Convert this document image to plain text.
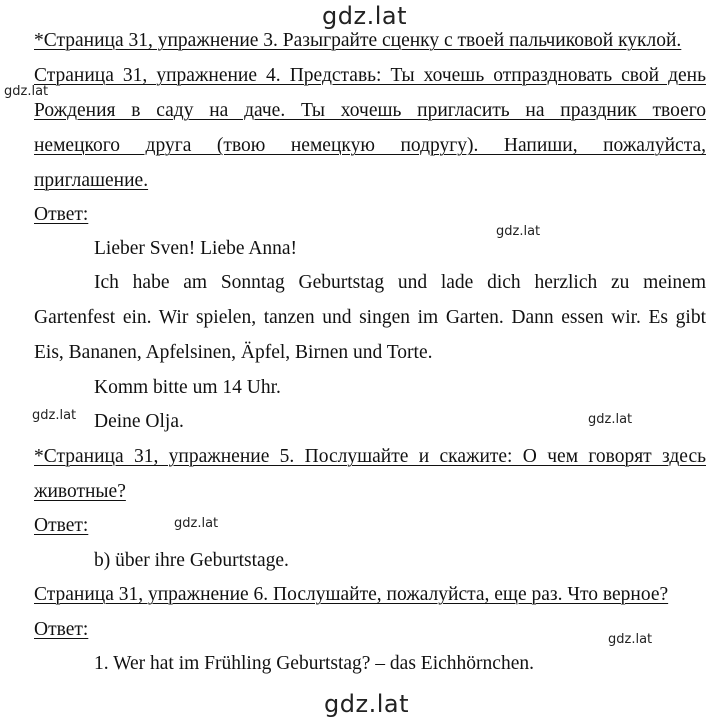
gdz.lat
gdz.lat
gdz.lat
gdz.lat	gdz.lat
gdz.lat
gdz.lat
gdz.lat
*Страница 31, упражнение 3. Разыграйте сценку с твоей пальчиковой куклой.
Страница 31, упражнение 4. Представь: Ты хочешь отпраздновать свой день
Рождения в саду на даче. Ты хочешь пригласить на праздник твоего
немецкого друга (твою немецкую подругу). Напиши, пожалуйста,
приглашение.
Ответ:
Lieber Sven! Liebe Anna!
Ich habe am Sonntag Geburtstag und lade dich herzlich zu meinem
Gartenfest ein. Wir spielen, tanzen und singen im Garten. Dann essen wir. Es gibt
Eis, Bananen, Apfelsinen, Äpfel, Birnen und Torte.
Komm bitte um 14 Uhr.
Deine Olja.
*Страница 31, упражнение 5. Послушайте и скажите: О чем говорят здесь
животные?
Ответ:
b) über ihre Geburtstage.
Страница 31, упражнение 6. Послушайте, пожалуйста, еще раз. Что верное?
Ответ:
1. Wer hat im Frühling Geburtstag? – das Eichhörnchen.
